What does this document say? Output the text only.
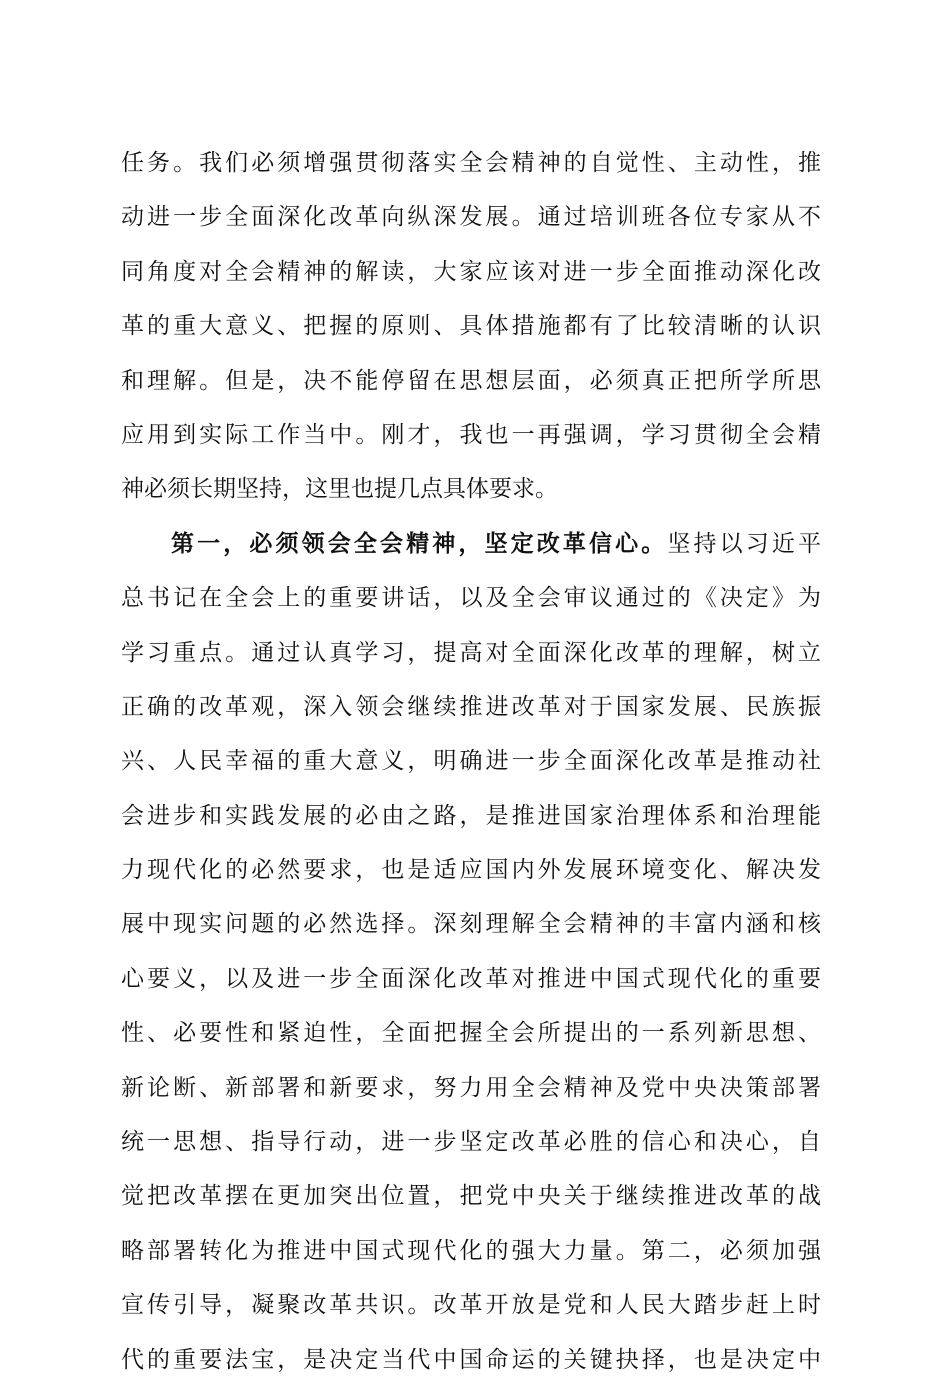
任务。我们必须增强贯彻落实全会精神的自觉性、主动性，推
动进一步全面深化改革向纵深发展。通过培训班各位专家从不
同角度对全会精神的解读，大家应该对进一步全面推动深化改
革的重大意义、把握的原则、具体措施都有了比较清晰的认识
和理解。但是，决不能停留在思想层面，必须真正把所学所思
应用到实际工作当中。刚才，我也一再强调，学习贯彻全会精
神必须长期坚持，这里也提几点具体要求。
第一，必须领会全会精神，坚定改革信心。坚持以习近平
总书记在全会上的重要讲话，以及全会审议通过的《决定》为
学习重点。通过认真学习，提高对全面深化改革的理解，树立
正确的改革观，深入领会继续推进改革对于国家发展、民族振
兴、人民幸福的重大意义，明确进一步全面深化改革是推动社
会进步和实践发展的必由之路，是推进国家治理体系和治理能
力现代化的必然要求，也是适应国内外发展环境变化、解决发
展中现实问题的必然选择。深刻理解全会精神的丰富内涵和核
心要义，以及进一步全面深化改革对推进中国式现代化的重要
性、必要性和紧迫性，全面把握全会所提出的一系列新思想、
新论断、新部署和新要求，努力用全会精神及党中央决策部署
统一思想、指导行动，进一步坚定改革必胜的信心和决心，自
觉把改革摆在更加突出位置，把党中央关于继续推进改革的战
略部署转化为推进中国式现代化的强大力量。第二，必须加强
宣传引导，凝聚改革共识。改革开放是党和人民大踏步赶上时
代的重要法宝，是决定当代中国命运的关键抉择，也是决定中
